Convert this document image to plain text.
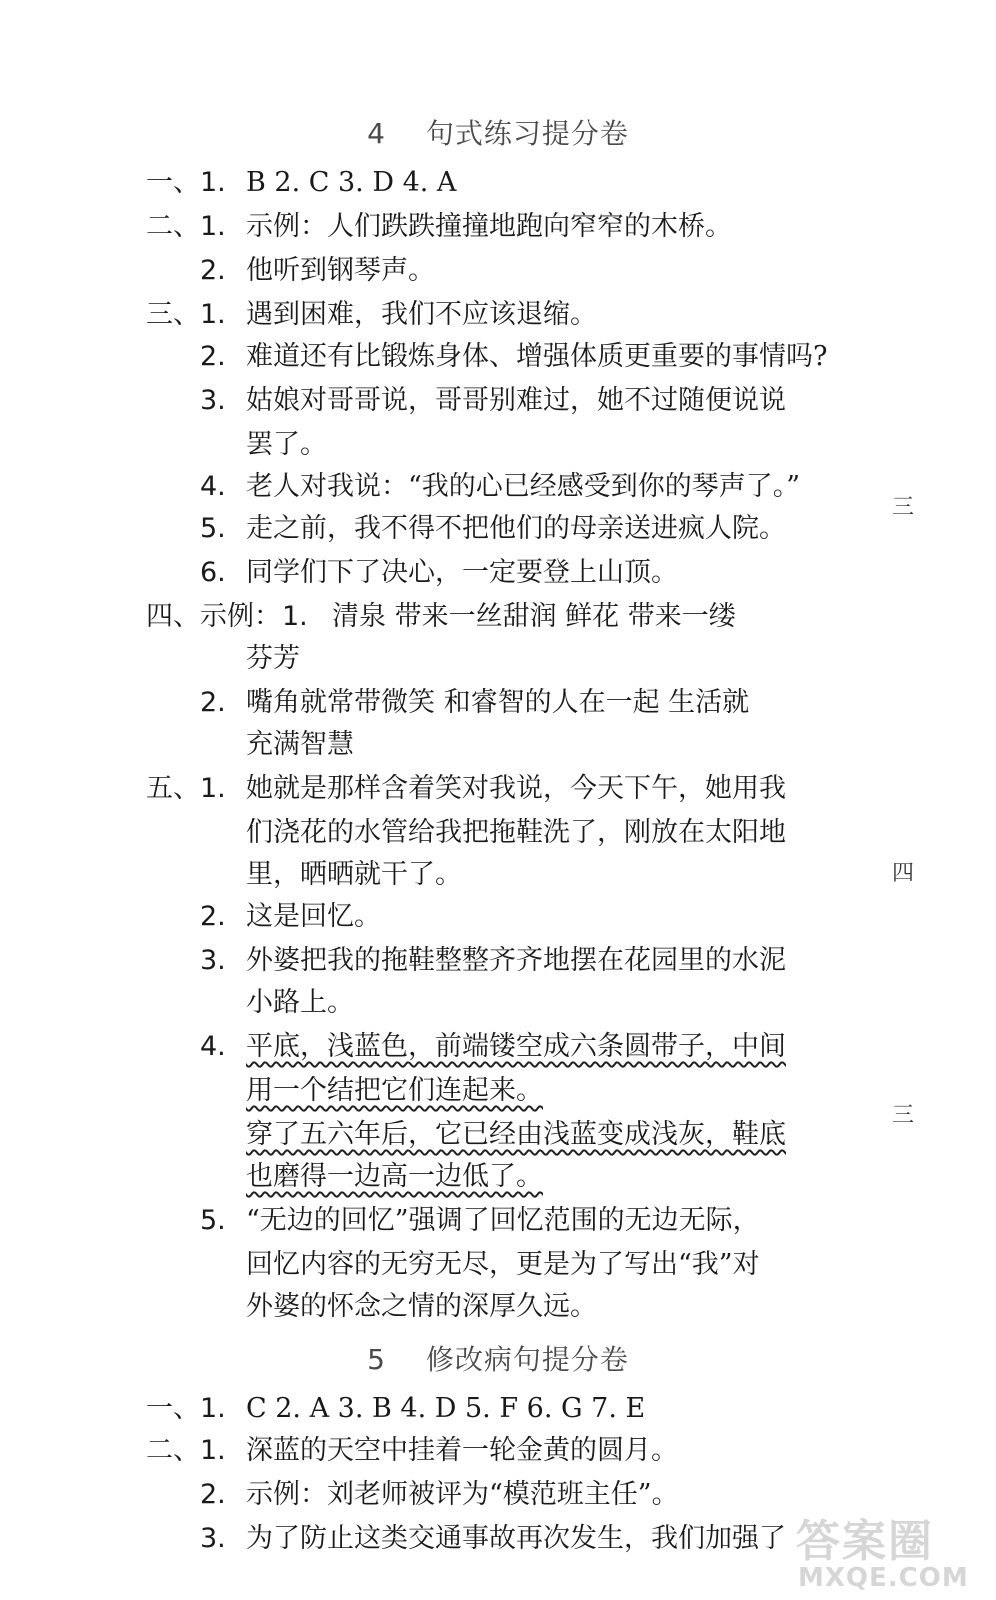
4 句式练习提分卷
一、 1. B 2. C 3. D 4. A
二、 1. 示例：人们跌跌撞撞地跑向窄窄的木桥。
2. 他听到钢琴声。
三、 1. 遇到困难，我们不应该退缩。
2. 难道还有比锻炼身体、增强体质更重要的事情吗?
3. 姑娘对哥哥说，哥哥别难过，她不过随便说说
罢了。
4. 老人对我说：“我的心已经感受到你的琴声了。”
5. 走之前，我不得不把他们的母亲送进疯人院。
6. 同学们下了决心，一定要登上山顶。
四、 示例： 1. 清泉 带来一丝甜润 鲜花 带来一缕
芬芳
2. 嘴角就常带微笑 和睿智的人在一起 生活就
充满智慧
五、 1. 她就是那样含着笑对我说，今天下午，她用我
们浇花的水管给我把拖鞋洗了，刚放在太阳地
里，晒晒就干了。
2. 这是回忆。
3. 外婆把我的拖鞋整整齐齐地摆在花园里的水泥
小路上。
4. 平底，浅蓝色，前端镂空成六条圆带子，中间
用一个结把它们连起来。
穿了五六年后，它已经由浅蓝变成浅灰，鞋底
也磨得一边高一边低了。
5. “无边的回忆”强调了回忆范围的无边无际，
回忆内容的无穷无尽，更是为了写出“我”对
外婆的怀念之情的深厚久远。
5 修改病句提分卷
一、 1. C 2. A 3. B 4. D 5. F 6. G 7. E
二、 1. 深蓝的天空中挂着一轮金黄的圆月。
2. 示例：刘老师被评为“模范班主任”。
3. 为了防止这类交通事故再次发生，我们加强了
三
四
三
答案圈
MXQE.COM
